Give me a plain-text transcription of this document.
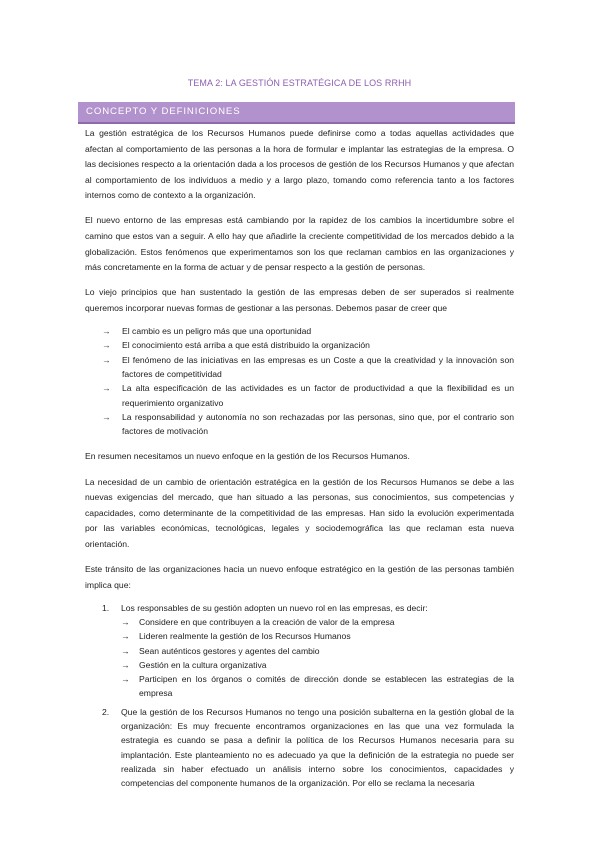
TEMA 2: LA GESTIÓN ESTRATÉGICA DE LOS RRHH
CONCEPTO Y DEFINICIONES

La gestión estratégica de los Recursos Humanos puede definirse como a todas aquellas actividades que afectan al comportamiento de las personas a la hora de formular e implantar las estrategias de la empresa. O las decisiones respecto a la orientación dada a los procesos de gestión de los Recursos Humanos y que afectan al comportamiento de los individuos a medio y a largo plazo, tomando como referencia tanto a los factores internos como de contexto a la organización.

El nuevo entorno de las empresas está cambiando por la rapidez de los cambios la incertidumbre sobre el camino que estos van a seguir. A ello hay que añadirle la creciente competitividad de los mercados debido a la globalización. Estos fenómenos que experimentamos son los que reclaman cambios en las organizaciones y más concretamente en la forma de actuar y de pensar respecto a la gestión de personas.

Lo viejo principios que han sustentado la gestión de las empresas deben de ser superados si realmente queremos incorporar nuevas formas de gestionar a las personas. Debemos pasar de creer que

→ El cambio es un peligro más que una oportunidad
→ El conocimiento está arriba a que está distribuido la organización
→ El fenómeno de las iniciativas en las empresas es un Coste a que la creatividad y la innovación son factores de competitividad
→ La alta especificación de las actividades es un factor de productividad a que la flexibilidad es un requerimiento organizativo
→ La responsabilidad y autonomía no son rechazadas por las personas, sino que, por el contrario son factores de motivación

En resumen necesitamos un nuevo enfoque en la gestión de los Recursos Humanos.

La necesidad de un cambio de orientación estratégica en la gestión de los Recursos Humanos se debe a las nuevas exigencias del mercado, que han situado a las personas, sus conocimientos, sus competencias y capacidades, como determinante de la competitividad de las empresas. Han sido la evolución experimentada por las variables económicas, tecnológicas, legales y sociodemográfica las que reclaman esta nueva orientación.

Este tránsito de las organizaciones hacia un nuevo enfoque estratégico en la gestión de las personas también implica que:

1. Los responsables de su gestión adopten un nuevo rol en las empresas, es decir:

→ Considere en que contribuyen a la creación de valor de la empresa
→ Lideren realmente la gestión de los Recursos Humanos
→ Sean auténticos gestores y agentes del cambio
→ Gestión en la cultura organizativa
→ Participen en los órganos o comités de dirección donde se establecen las estrategias de la empresa
2. Que la gestión de los Recursos Humanos no tengo una posición subalterna en la gestión global de la organización: Es muy frecuente encontramos organizaciones en las que una vez formulada la estrategia es cuando se pasa a definir la política de los Recursos Humanos necesaria para su implantación. Este planteamiento no es adecuado ya que la definición de la estrategia no puede ser realizada sin haber efectuado un análisis interno sobre los conocimientos, capacidades y competencias del componente humanos de la organización. Por ello se reclama la necesaria
